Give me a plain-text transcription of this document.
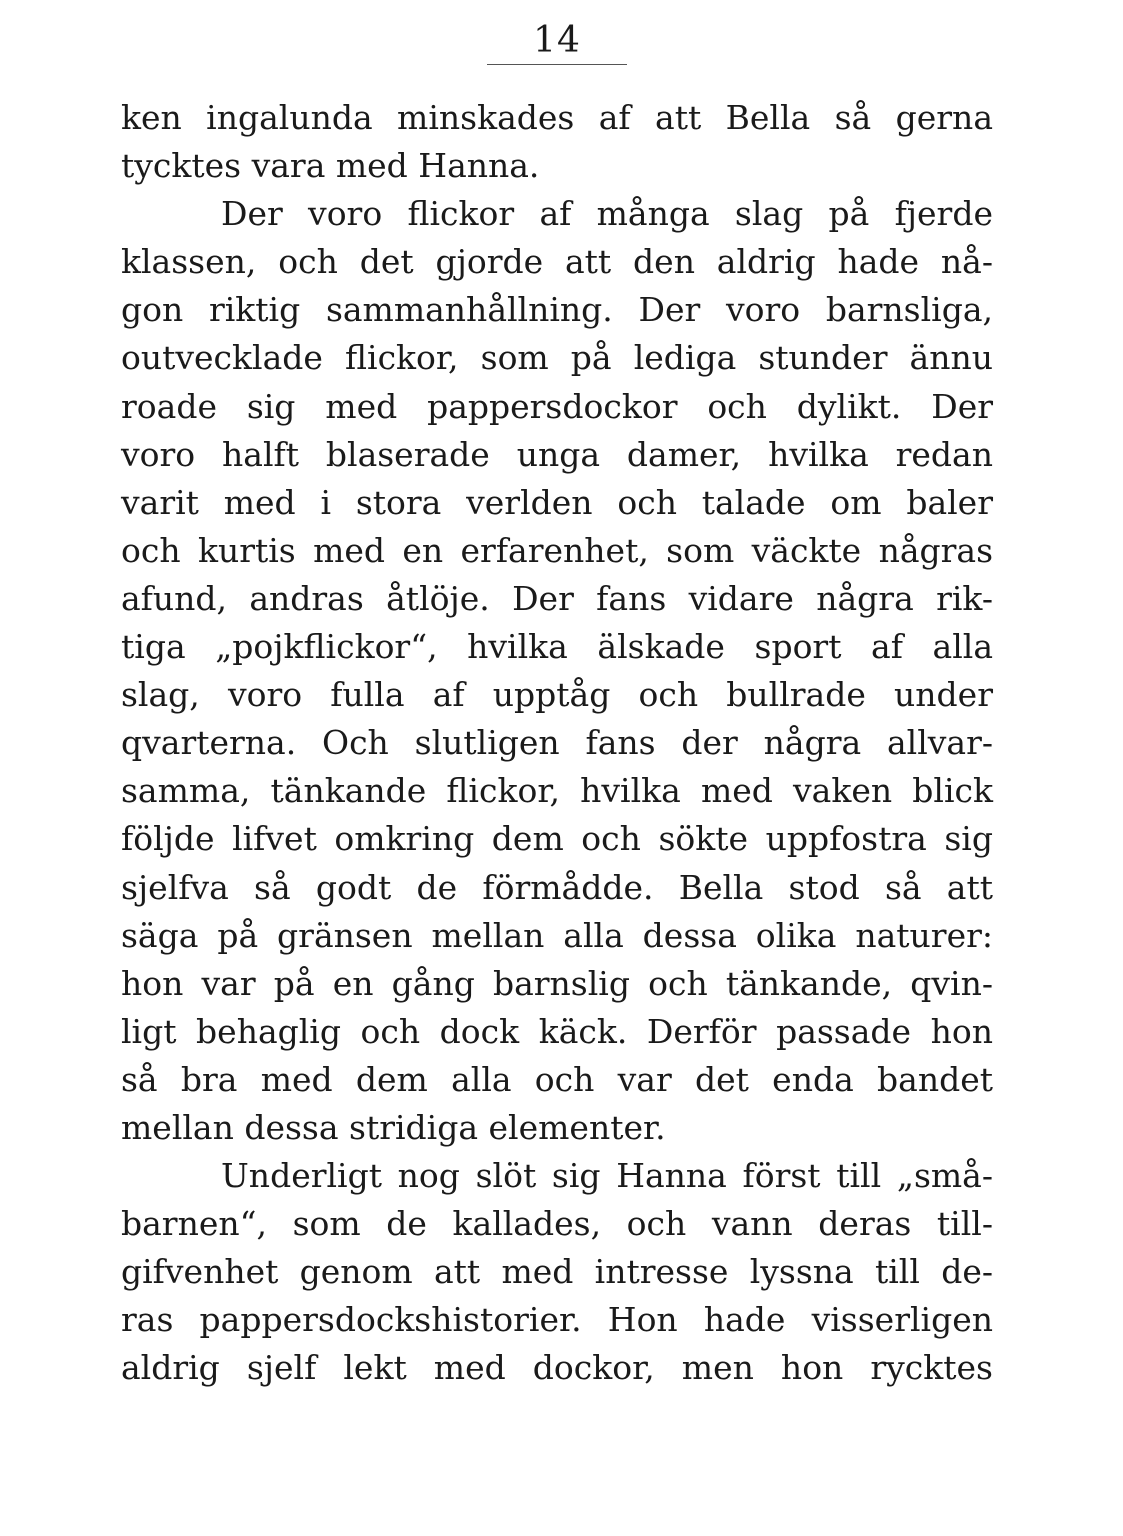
14
ken ingalunda minskades af att Bella så gerna
tycktes vara med Hanna.
Der voro flickor af många slag på fjerde
klassen, och det gjorde att den aldrig hade nå-
gon riktig sammanhållning. Der voro barnsliga,
outvecklade flickor, som på lediga stunder ännu
roade sig med pappersdockor och dylikt. Der
voro halft blaserade unga damer, hvilka redan
varit med i stora verlden och talade om baler
och kurtis med en erfarenhet, som väckte någras
afund, andras åtlöje. Der fans vidare några rik-
tiga „pojkflickor“, hvilka älskade sport af alla
slag, voro fulla af upptåg och bullrade under
qvarterna. Och slutligen fans der några allvar-
samma, tänkande flickor, hvilka med vaken blick
följde lifvet omkring dem och sökte uppfostra sig
sjelfva så godt de förmådde. Bella stod så att
säga på gränsen mellan alla dessa olika naturer:
hon var på en gång barnslig och tänkande, qvin-
ligt behaglig och dock käck. Derför passade hon
så bra med dem alla och var det enda bandet
mellan dessa stridiga elementer.
Underligt nog slöt sig Hanna först till „små-
barnen“, som de kallades, och vann deras till-
gifvenhet genom att med intresse lyssna till de-
ras pappersdockshistorier. Hon hade visserligen
aldrig sjelf lekt med dockor, men hon rycktes
